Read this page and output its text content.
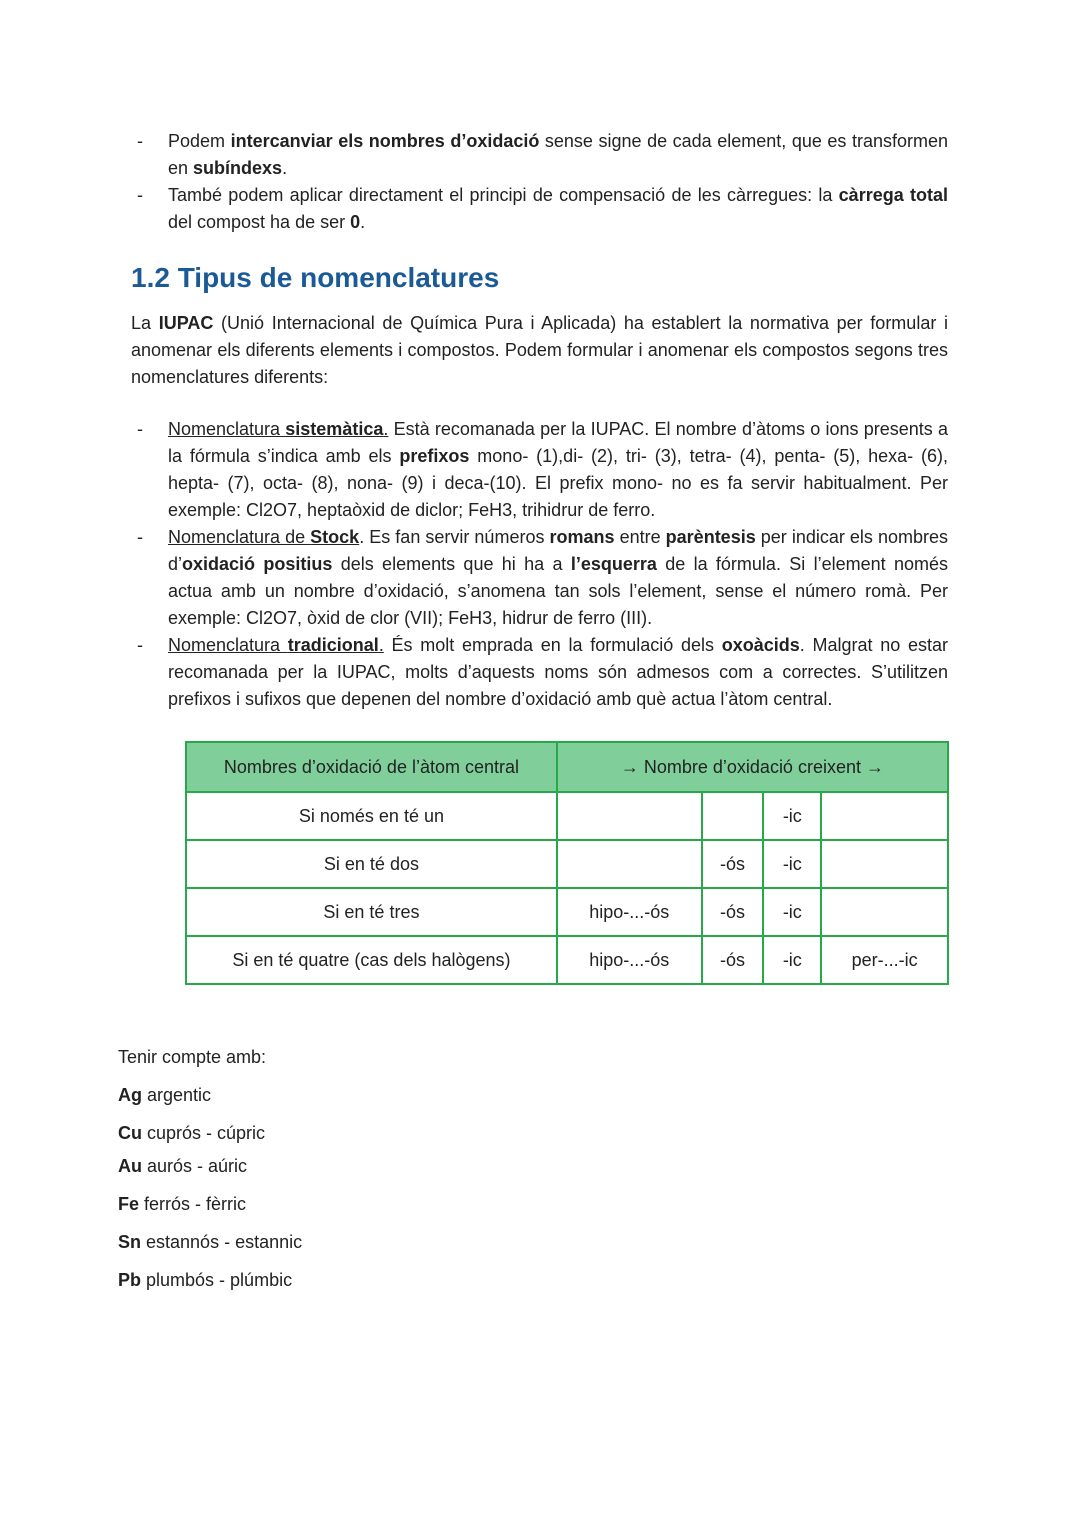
- Podem intercanviar els nombres d’oxidació sense signe de cada element, que es transformen en subíndexs.
- També podem aplicar directament el principi de compensació de les càrregues: la càrrega total del compost ha de ser 0.
1.2 Tipus de nomenclatures
La IUPAC (Unió Internacional de Química Pura i Aplicada) ha establert la normativa per formular i anomenar els diferents elements i compostos. Podem formular i anomenar els compostos segons tres nomenclatures diferents:
- Nomenclatura sistemàtica. Està recomanada per la IUPAC. El nombre d’àtoms o ions presents a la fórmula s’indica amb els prefixos mono- (1),di- (2), tri- (3), tetra- (4), penta- (5), hexa- (6), hepta- (7), octa- (8), nona- (9) i deca-(10). El prefix mono- no es fa servir habitualment. Per exemple: Cl2O7, heptaòxid de diclor; FeH3, trihidrur de ferro.
- Nomenclatura de Stock. Es fan servir números romans entre parèntesis per indicar els nombres d’oxidació positius dels elements que hi ha a l’esquerra de la fórmula. Si l’element només actua amb un nombre d’oxidació, s’anomena tan sols l’element, sense el número romà. Per exemple: Cl2O7, òxid de clor (VII); FeH3, hidrur de ferro (III).
- Nomenclatura tradicional. És molt emprada en la formulació dels oxoàcids. Malgrat no estar recomanada per la IUPAC, molts d’aquests noms són admesos com a correctes. S’utilitzen prefixos i sufixos que depenen del nombre d’oxidació amb què actua l’àtom central.
Nombres d’oxidació de l’àtom central	→ Nombre d’oxidació creixent →			
Si només en té un			-ic	
Si en té dos		-ós	-ic	
Si en té tres	hipo-...-ós	-ós	-ic	
Si en té quatre (cas dels halògens)	hipo-...-ós	-ós	-ic	per-...-ic
Tenir compte amb:
Ag argentic
Cu cuprós - cúpric
Au aurós - aúric
Fe ferrós - fèrric
Sn estannós - estannic
Pb plumbós - plúmbic
